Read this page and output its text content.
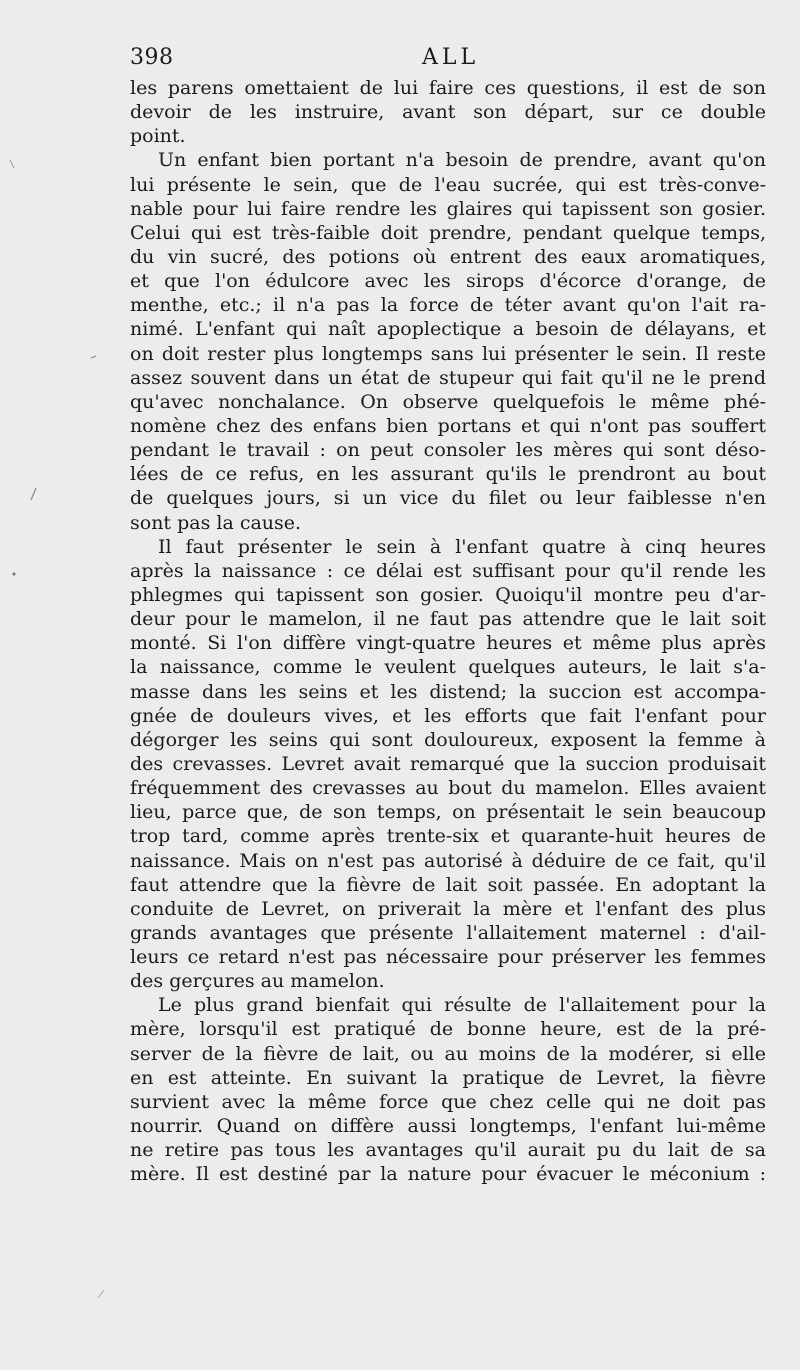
398	ALL
les parens omettaient de lui faire ces questions, il est de son
devoir de les instruire, avant son départ, sur ce double
point.
Un enfant bien portant n'a besoin de prendre, avant qu'on
lui présente le sein, que de l'eau sucrée, qui est très-conve-
nable pour lui faire rendre les glaires qui tapissent son gosier.
Celui qui est très-faible doit prendre, pendant quelque temps,
du vin sucré, des potions où entrent des eaux aromatiques,
et que l'on édulcore avec les sirops d'écorce d'orange, de
menthe, etc.; il n'a pas la force de téter avant qu'on l'ait ra-
nimé. L'enfant qui naît apoplectique a besoin de délayans, et
on doit rester plus longtemps sans lui présenter le sein. Il reste
assez souvent dans un état de stupeur qui fait qu'il ne le prend
qu'avec nonchalance. On observe quelquefois le même phé-
nomène chez des enfans bien portans et qui n'ont pas souffert
pendant le travail : on peut consoler les mères qui sont déso-
lées de ce refus, en les assurant qu'ils le prendront au bout
de quelques jours, si un vice du filet ou leur faiblesse n'en
sont pas la cause.
Il faut présenter le sein à l'enfant quatre à cinq heures
après la naissance : ce délai est suffisant pour qu'il rende les
phlegmes qui tapissent son gosier. Quoiqu'il montre peu d'ar-
deur pour le mamelon, il ne faut pas attendre que le lait soit
monté. Si l'on diffère vingt-quatre heures et même plus après
la naissance, comme le veulent quelques auteurs, le lait s'a-
masse dans les seins et les distend; la succion est accompa-
gnée de douleurs vives, et les efforts que fait l'enfant pour
dégorger les seins qui sont douloureux, exposent la femme à
des crevasses. Levret avait remarqué que la succion produisait
fréquemment des crevasses au bout du mamelon. Elles avaient
lieu, parce que, de son temps, on présentait le sein beaucoup
trop tard, comme après trente-six et quarante-huit heures de
naissance. Mais on n'est pas autorisé à déduire de ce fait, qu'il
faut attendre que la fièvre de lait soit passée. En adoptant la
conduite de Levret, on priverait la mère et l'enfant des plus
grands avantages que présente l'allaitement maternel : d'ail-
leurs ce retard n'est pas nécessaire pour préserver les femmes
des gerçures au mamelon.
Le plus grand bienfait qui résulte de l'allaitement pour la
mère, lorsqu'il est pratiqué de bonne heure, est de la pré-
server de la fièvre de lait, ou au moins de la modérer, si elle
en est atteinte. En suivant la pratique de Levret, la fièvre
survient avec la même force que chez celle qui ne doit pas
nourrir. Quand on diffère aussi longtemps, l'enfant lui-même
ne retire pas tous les avantages qu'il aurait pu du lait de sa
mère. Il est destiné par la nature pour évacuer le méconium :
